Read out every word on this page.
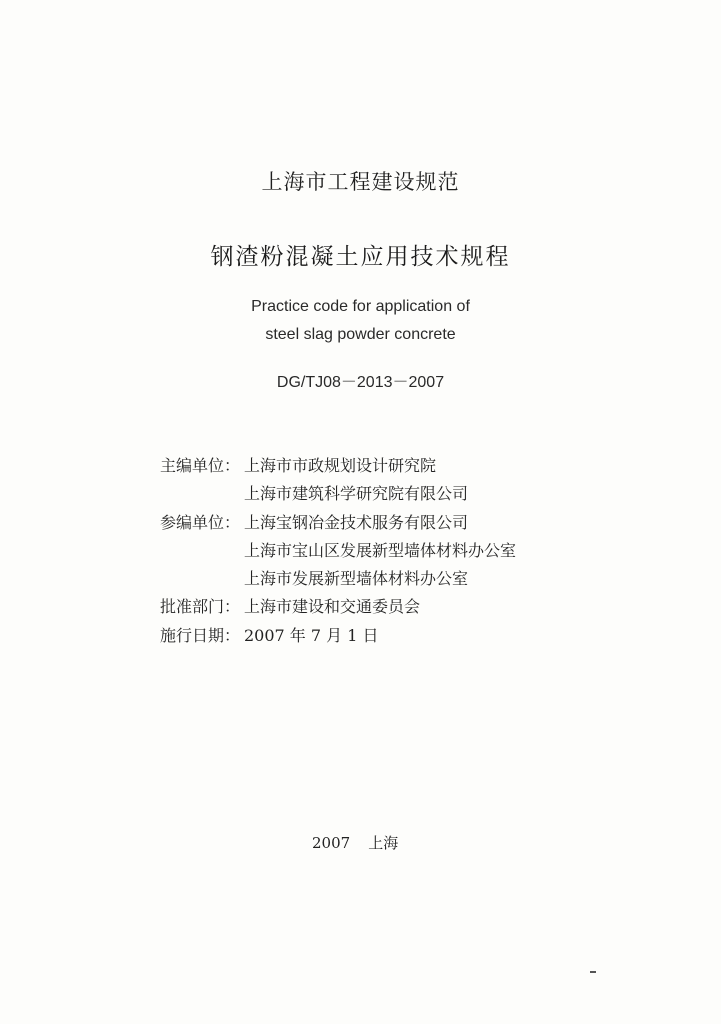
上海市工程建设规范
钢渣粉混凝土应用技术规程
Practice code for application of
steel slag powder concrete
DG/TJ08－2013－2007
主编单位： 上海市市政规划设计研究院
上海市建筑科学研究院有限公司
参编单位： 上海宝钢冶金技术服务有限公司
上海市宝山区发展新型墙体材料办公室
上海市发展新型墙体材料办公室
批准部门： 上海市建设和交通委员会
施行日期： 2007 年 7 月 1 日
2007 上海
